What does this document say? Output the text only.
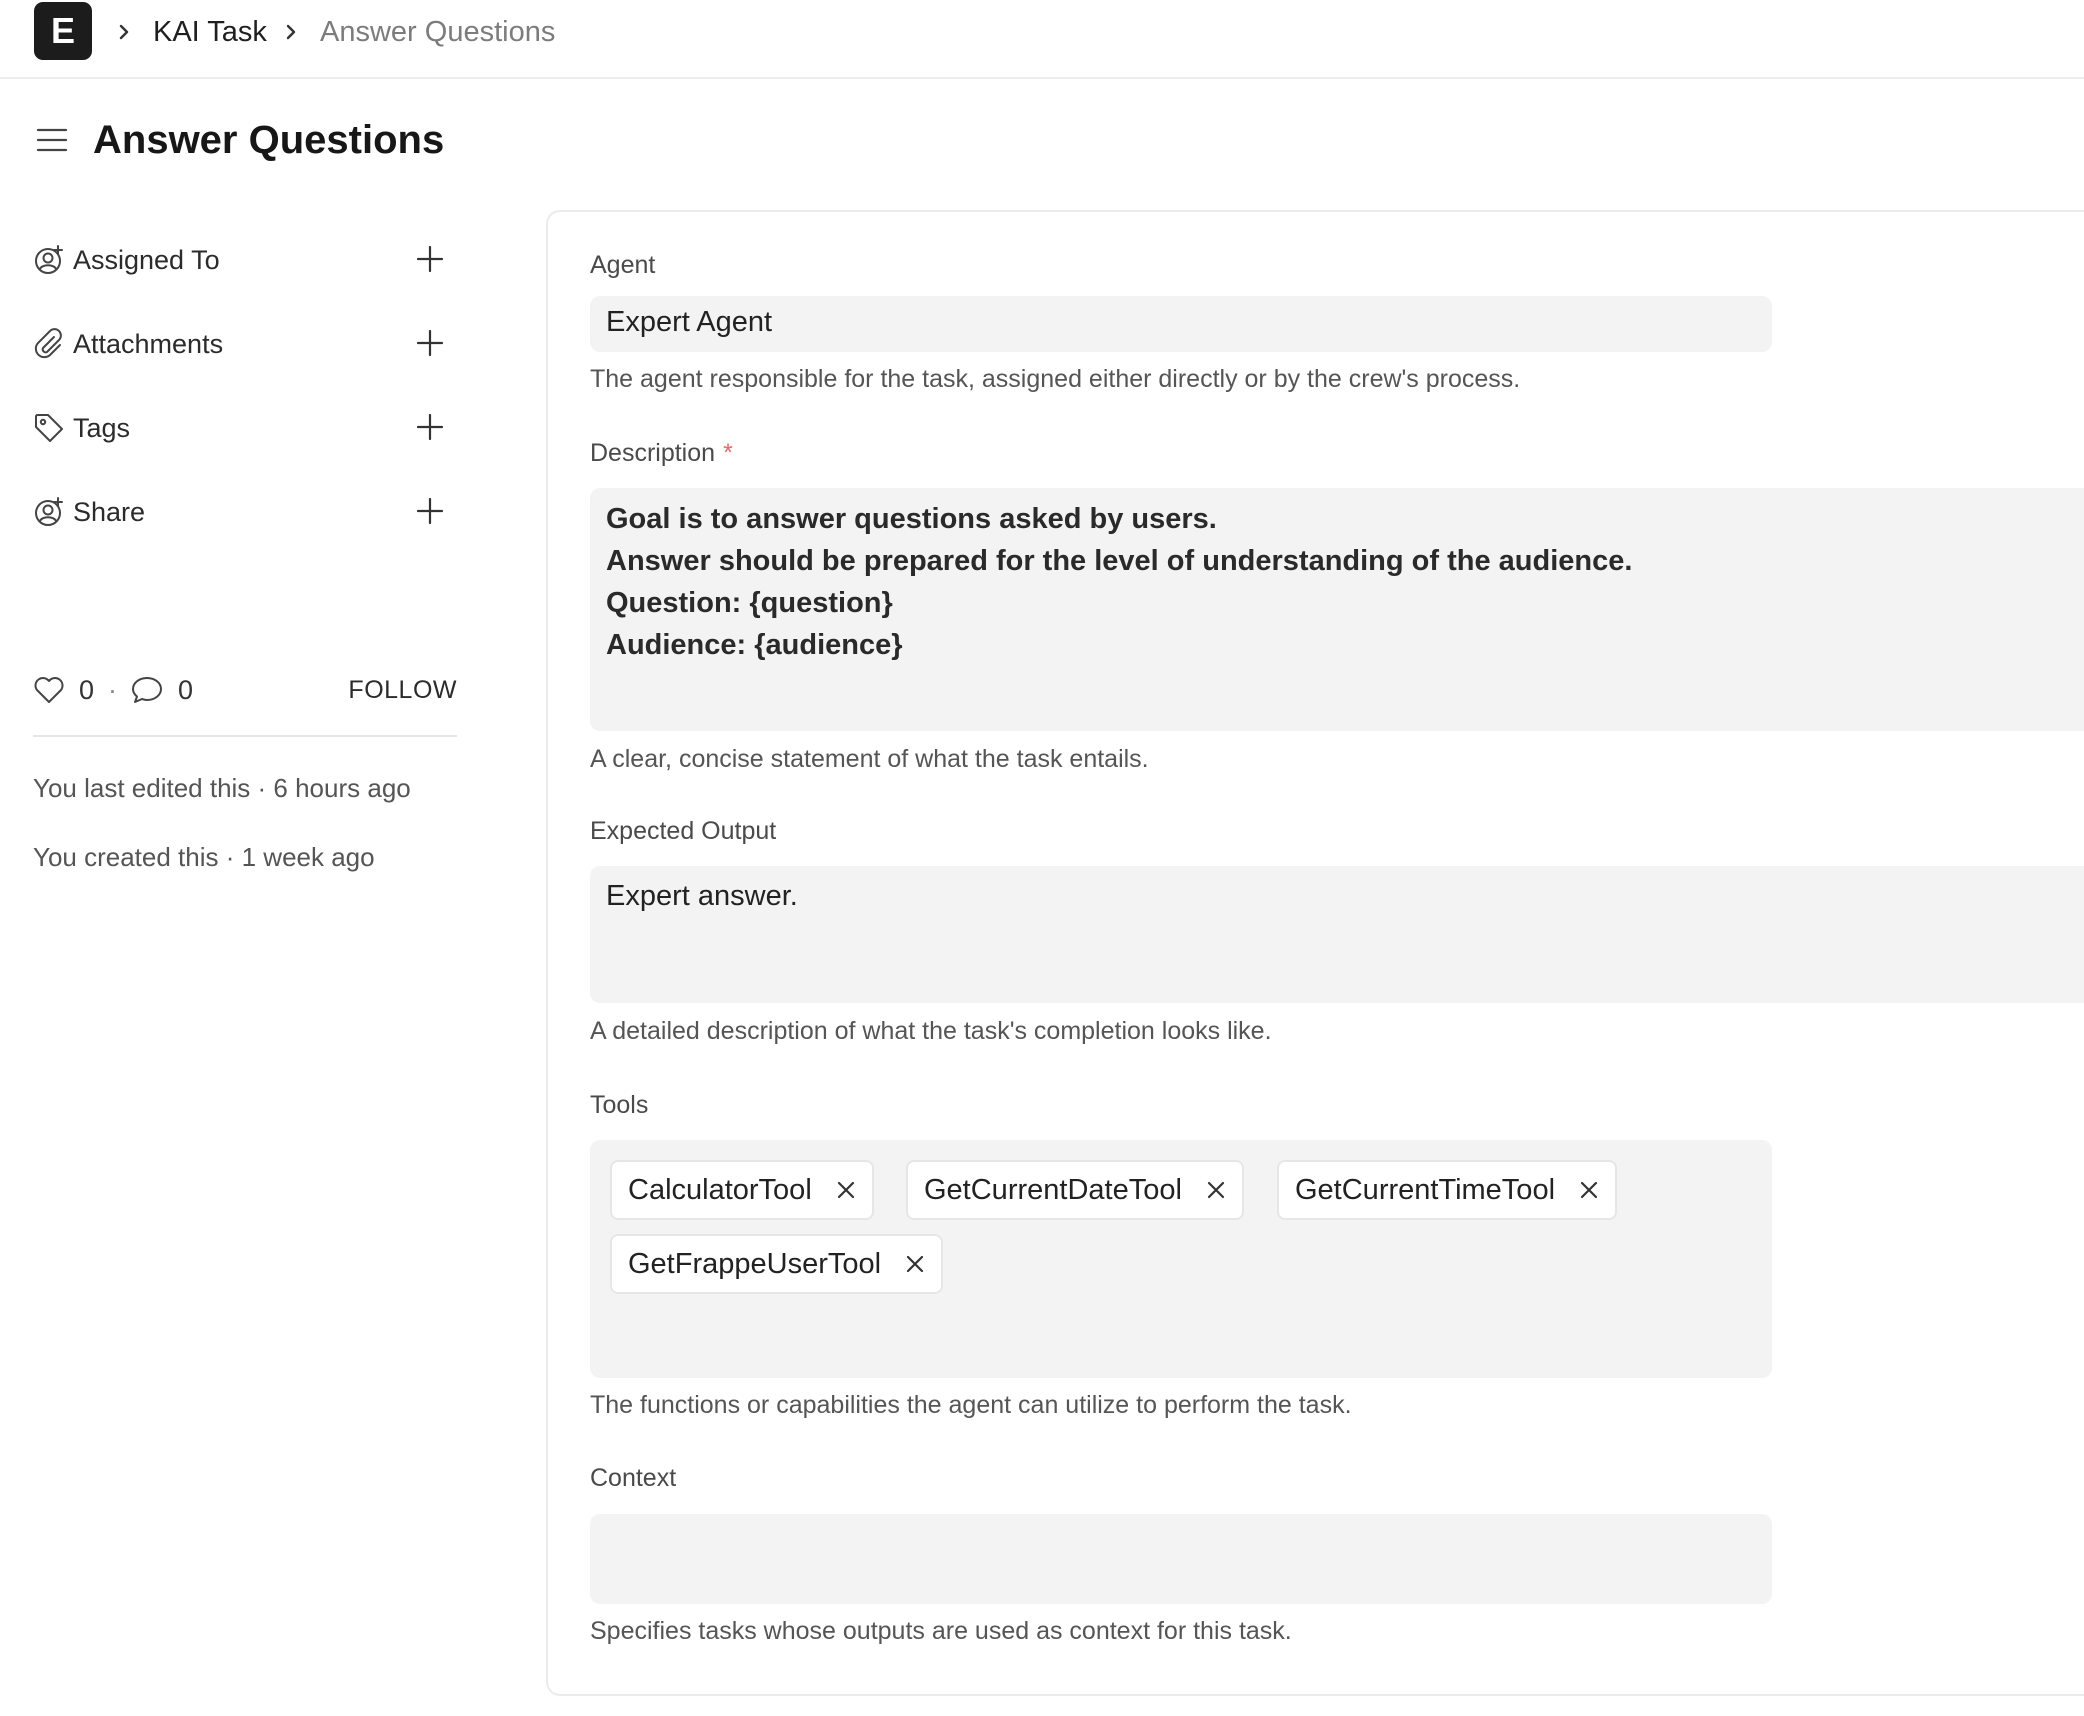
E	KAI Task Answer Questions
Answer Questions
Assigned To
Attachments
Tags
Share
0 · 0	FOLLOW
You last edited this · 6 hours ago
You created this · 1 week ago
Agent
Expert Agent
The agent responsible for the task, assigned either directly or by the crew's process.
Description *
Goal is to answer questions asked by users.
Answer should be prepared for the level of understanding of the audience.
Question: {question}
Audience: {audience}
A clear, concise statement of what the task entails.
Expected Output
Expert answer.
A detailed description of what the task's completion looks like.
Tools
CalculatorTool	GetCurrentDateTool	GetCurrentTimeTool
GetFrappeUserTool
The functions or capabilities the agent can utilize to perform the task.
Context
Specifies tasks whose outputs are used as context for this task.
